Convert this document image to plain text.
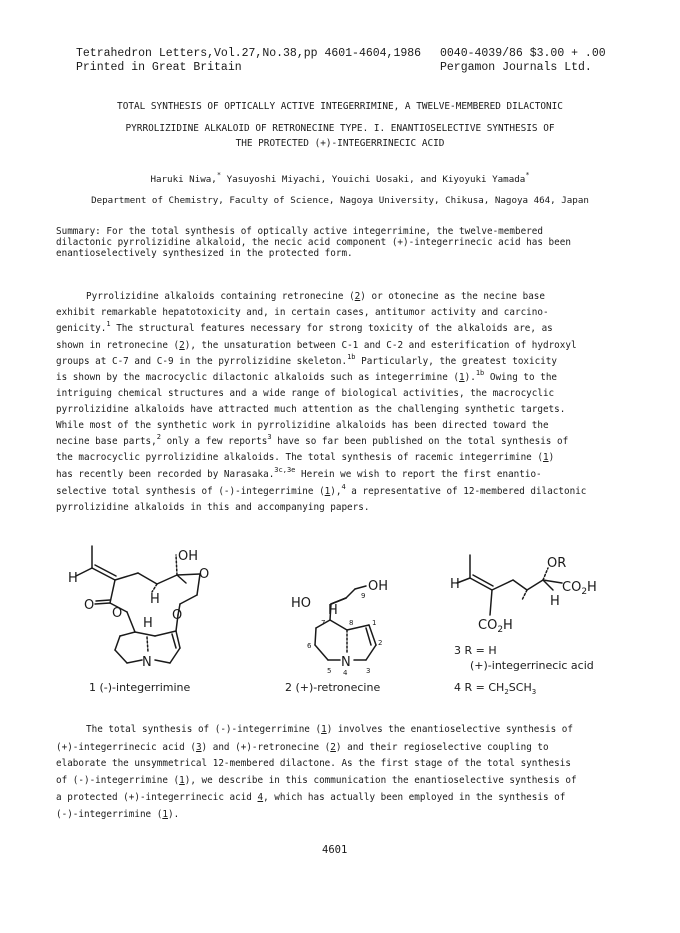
Tetrahedron Letters,Vol.27,No.38,pp 4601-4604,1986 0040-4039/86 $3.00 + .00
Printed in Great Britain	Pergamon Journals Ltd.
TOTAL SYNTHESIS OF OPTICALLY ACTIVE INTEGERRIMINE, A TWELVE-MEMBERED DILACTONIC
PYRROLIZIDINE ALKALOID OF RETRONECINE TYPE. I. ENANTIOSELECTIVE SYNTHESIS OF
THE PROTECTED (+)-INTEGERRINECIC ACID
Haruki Niwa,* Yasuyoshi Miyachi, Youichi Uosaki, and Kiyoyuki Yamada*
Department of Chemistry, Faculty of Science, Nagoya University, Chikusa, Nagoya 464, Japan
Summary: For the total synthesis of optically active integerrimine, the twelve-membered
dilactonic pyrrolizidine alkaloid, the necic acid component (+)-integerrinecic acid has been
enantioselectively synthesized in the protected form.
Pyrrolizidine alkaloids containing retronecine (2) or otonecine as the necine base
exhibit remarkable hepatotoxicity and, in certain cases, antitumor activity and carcino-
genicity.$^1$ The structural features necessary for strong toxicity of the alkaloids are, as
shown in retronecine (2), the unsaturation between C-1 and C-2 and esterification of hydroxyl
groups at C-7 and C-9 in the pyrrolizidine skeleton.$^{1b}$ Particularly, the greatest toxicity
is shown by the macrocyclic dilactonic alkaloids such as integerrimine (1).$^{1b}$ Owing to the
intriguing chemical structures and a wide range of biological activities, the macrocyclic
pyrrolizidine alkaloids have attracted much attention as the challenging synthetic targets.
While most of the synthetic work in pyrrolizidine alkaloids has been directed toward the
necine base parts,$^2$ only a few reports$^3$ have so far been published on the total synthesis of
the macrocyclic pyrrolizidine alkaloids. The total synthesis of racemic integerrimine (1)
has recently been recorded by Narasaka.$^{3c,3e}$ Herein we wish to report the first enantio-
selective total synthesis of (-)-integerrimine (1),$^4$ a representative of 12-membered dilactonic
pyrrolizidine alkaloids in this and accompanying papers.
H
OH
O
H
O
O	O
H
N
OH
HO H
N
H
OR
$CO_2H$
H
$CO_2H$
9
8
7
6
5 4	3
2
1
1 (-)-integerrimine	2 (+)-retronecine
3 R = H
(+)-integerrinecic acid
4 $R = CH_2SCH_3$
The total synthesis of (-)-integerrimine (1) involves the enantioselective synthesis of
(+)-integerrinecic acid (3) and (+)-retronecine (2) and their regioselective coupling to
elaborate the unsymmetrical 12-membered dilactone. As the first stage of the total synthesis
of (-)-integerrimine (1), we describe in this communication the enantioselective synthesis of
a protected (+)-integerrinecic acid 4, which has actually been employed in the synthesis of
(-)-integerrimine (1).
4601
